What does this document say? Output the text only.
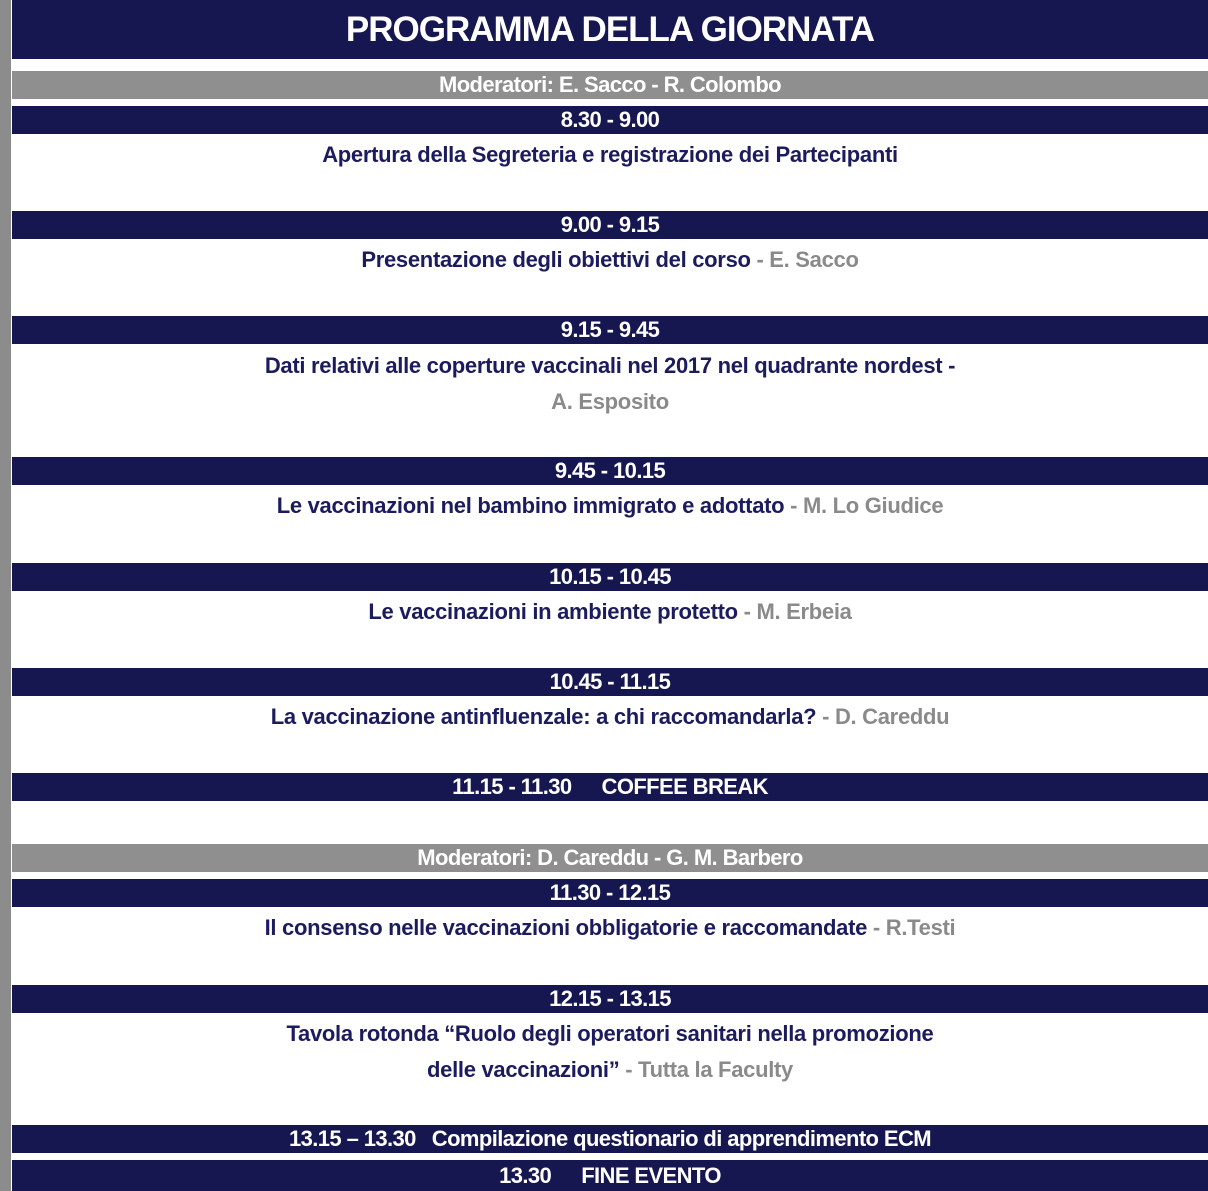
PROGRAMMA DELLA GIORNATA
Moderatori: E. Sacco - R. Colombo
8.30 - 9.00
Apertura della Segreteria e registrazione dei Partecipanti
9.00 - 9.15
Presentazione degli obiettivi del corso - E. Sacco
9.15 - 9.45
Dati relativi alle coperture vaccinali nel 2017 nel quadrante nordest -
A. Esposito
9.45 - 10.15
Le vaccinazioni nel bambino immigrato e adottato - M. Lo Giudice
10.15 - 10.45
Le vaccinazioni in ambiente protetto - M. Erbeia
10.45 - 11.15
La vaccinazione antinfluenzale: a chi raccomandarla? - D. Careddu
11.15 - 11.30 COFFEE BREAK
Moderatori: D. Careddu - G. M. Barbero
11.30 - 12.15
Il consenso nelle vaccinazioni obbligatorie e raccomandate - R.Testi
12.15 - 13.15
Tavola rotonda “Ruolo degli operatori sanitari nella promozione
delle vaccinazioni” - Tutta la Faculty
13.15 – 13.30 Compilazione questionario di apprendimento ECM
13.30 FINE EVENTO
